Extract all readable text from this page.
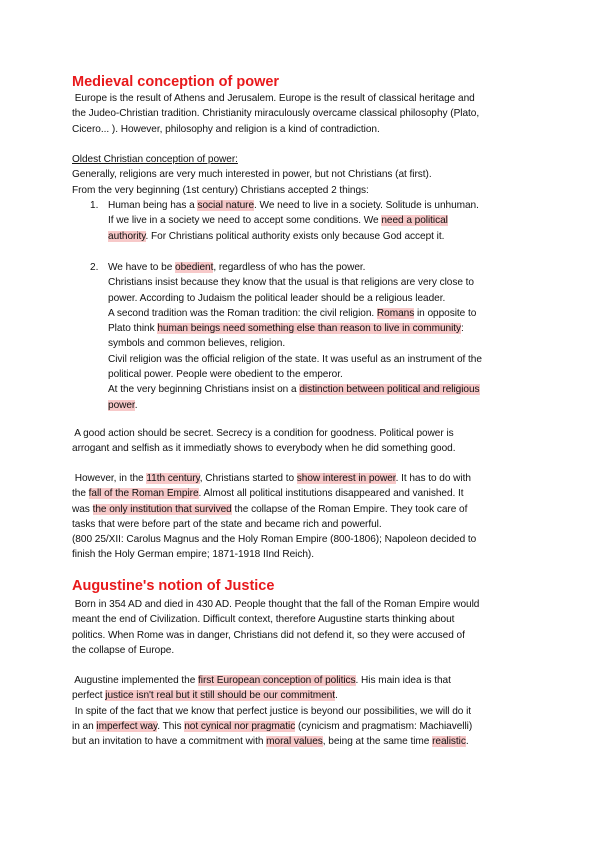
Medieval conception of power
Europe is the result of Athens and Jerusalem. Europe is the result of classical heritage and
the Judeo-Christian tradition. Christianity miraculously overcame classical philosophy (Plato,
Cicero... ). However, philosophy and religion is a kind of contradiction.
Oldest Christian conception of power:
Generally, religions are very much interested in power, but not Christians (at first).
From the very beginning (1st century) Christians accepted 2 things:
1. Human being has a social nature. We need to live in a society. Solitude is unhuman.
If we live in a society we need to accept some conditions. We need a political
authority. For Christians political authority exists only because God accept it.
2. We have to be obedient, regardless of who has the power.
Christians insist because they know that the usual is that religions are very close to
power. According to Judaism the political leader should be a religious leader.
A second tradition was the Roman tradition: the civil religion. Romans in opposite to
Plato think human beings need something else than reason to live in community:
symbols and common believes, religion.
Civil religion was the official religion of the state. It was useful as an instrument of the
political power. People were obedient to the emperor.
At the very beginning Christians insist on a distinction between political and religious
power.
A good action should be secret. Secrecy is a condition for goodness. Political power is
arrogant and selfish as it immediatly shows to everybody when he did something good.
However, in the 11th century, Christians started to show interest in power. It has to do with
the fall of the Roman Empire. Almost all political institutions disappeared and vanished. It
was the only institution that survived the collapse of the Roman Empire. They took care of
tasks that were before part of the state and became rich and powerful.
(800 25/XII: Carolus Magnus and the Holy Roman Empire (800-1806); Napoleon decided to
finish the Holy German empire; 1871-1918 IInd Reich).
Augustine's notion of Justice
Born in 354 AD and died in 430 AD. People thought that the fall of the Roman Empire would
meant the end of Civilization. Difficult context, therefore Augustine starts thinking about
politics. When Rome was in danger, Christians did not defend it, so they were accused of
the collapse of Europe.
Augustine implemented the first European conception of politics. His main idea is that
perfect justice isn't real but it still should be our commitment.
In spite of the fact that we know that perfect justice is beyond our possibilities, we will do it
in an imperfect way. This not cynical nor pragmatic (cynicism and pragmatism: Machiavelli)
but an invitation to have a commitment with moral values, being at the same time realistic.
